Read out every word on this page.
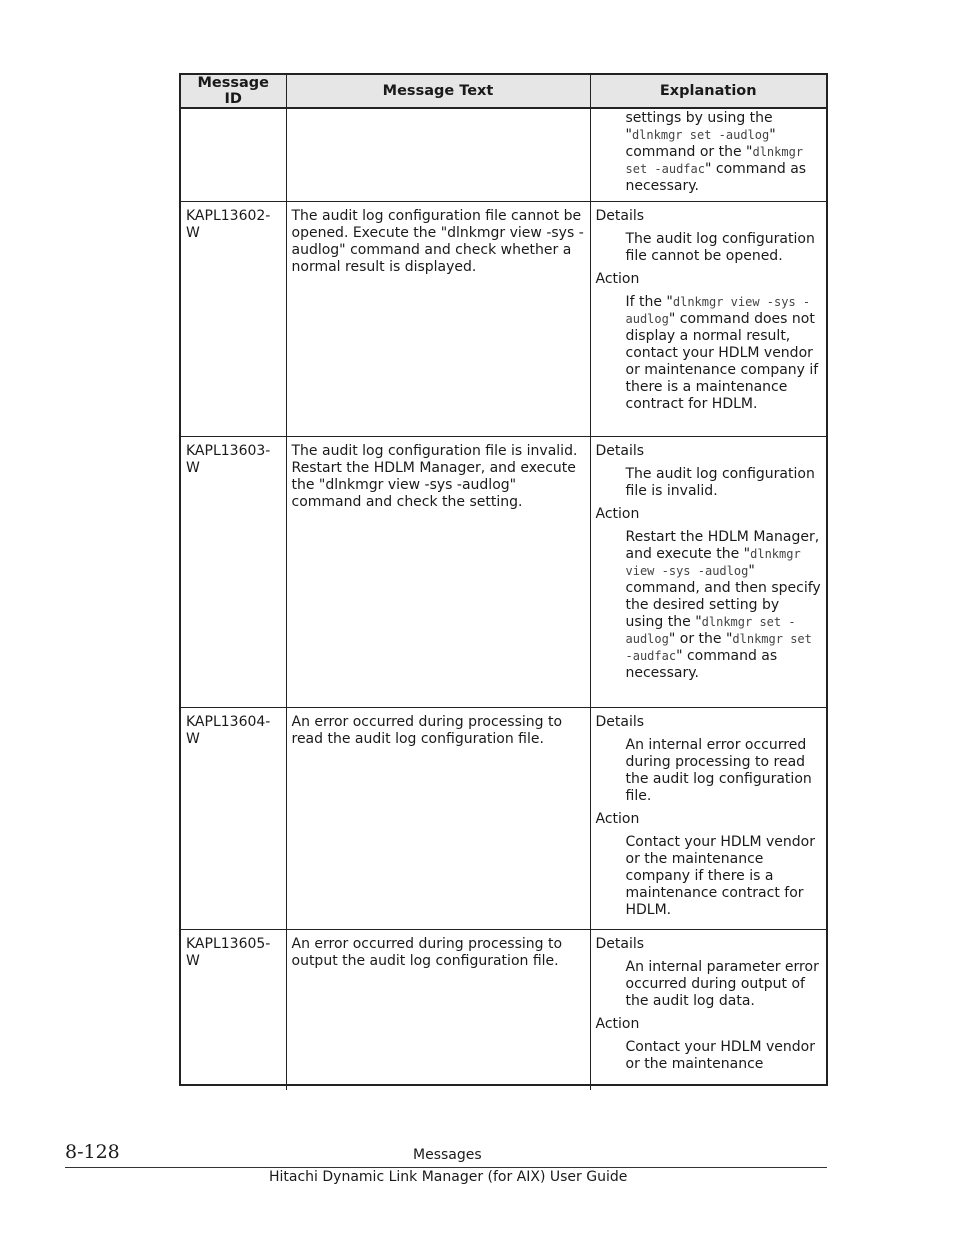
Message ID	Message Text	Explanation

		settings by using the "dlnkmgr set -audlog" command or the "dlnkmgr set -audfac" command as necessary.

KAPL13602-W	The audit log configuration file cannot be opened. Execute the "dlnkmgr view -sys -audlog" command and check whether a normal result is displayed.	Details
The audit log configuration file cannot be opened.
Action
If the "dlnkmgr view -sys -audlog" command does not display a normal result, contact your HDLM vendor or maintenance company if there is a maintenance contract for HDLM.

KAPL13603-W	The audit log configuration file is invalid. Restart the HDLM Manager, and execute the "dlnkmgr view -sys -audlog" command and check the setting.	Details
The audit log configuration file is invalid.
Action
Restart the HDLM Manager, and execute the "dlnkmgr view -sys -audlog" command, and then specify the desired setting by using the "dlnkmgr set -audlog" or the "dlnkmgr set -audfac" command as necessary.

KAPL13604-W	An error occurred during processing to read the audit log configuration file.	Details
An internal error occurred during processing to read the audit log configuration file.
Action
Contact your HDLM vendor or the maintenance company if there is a maintenance contract for HDLM.

KAPL13605-W	An error occurred during processing to output the audit log configuration file.	Details
An internal parameter error occurred during output of the audit log data.
Action
Contact your HDLM vendor or the maintenance
8-128	Messages
Hitachi Dynamic Link Manager (for AIX) User Guide
